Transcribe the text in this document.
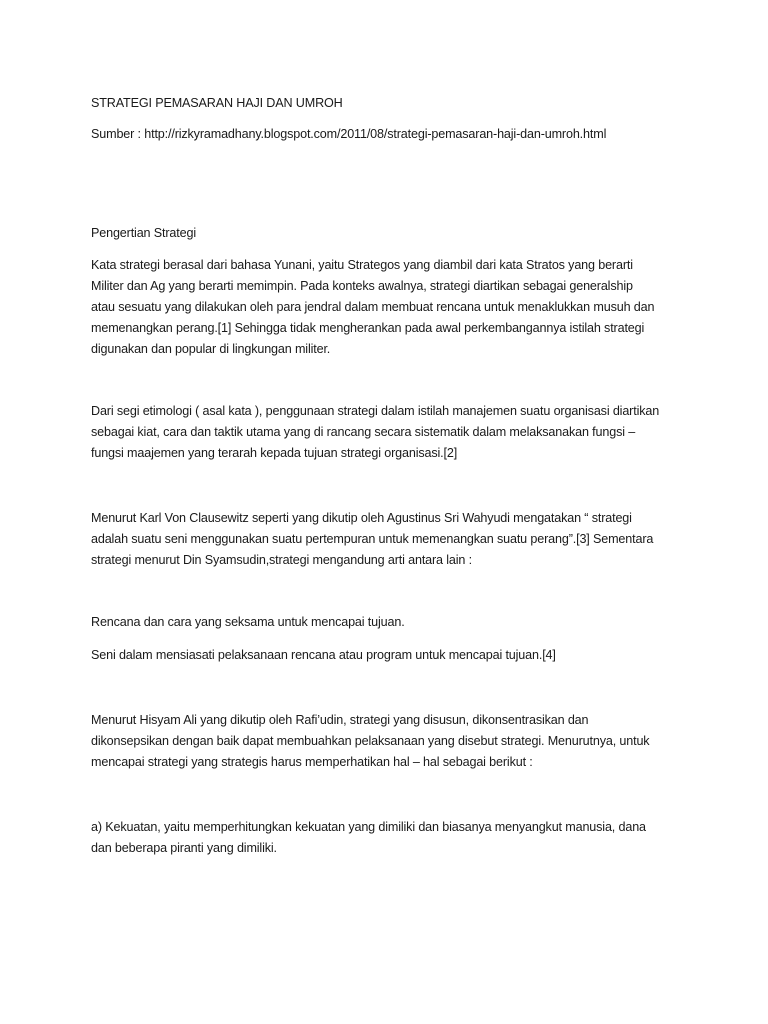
STRATEGI PEMASARAN HAJI DAN UMROH

Sumber : http://rizkyramadhany.blogspot.com/2011/08/strategi-pemasaran-haji-dan-umroh.html

Pengertian Strategi

Kata strategi berasal dari bahasa Yunani, yaitu Strategos yang diambil dari kata Stratos yang berarti
Militer dan Ag yang berarti memimpin. Pada konteks awalnya, strategi diartikan sebagai generalship
atau sesuatu yang dilakukan oleh para jendral dalam membuat rencana untuk menaklukkan musuh dan
memenangkan perang.[1] Sehingga tidak mengherankan pada awal perkembangannya istilah strategi
digunakan dan popular di lingkungan militer.

Dari segi etimologi ( asal kata ), penggunaan strategi dalam istilah manajemen suatu organisasi diartikan
sebagai kiat, cara dan taktik utama yang di rancang secara sistematik dalam melaksanakan fungsi –
fungsi maajemen yang terarah kepada tujuan strategi organisasi.[2]

Menurut Karl Von Clausewitz seperti yang dikutip oleh Agustinus Sri Wahyudi mengatakan “ strategi
adalah suatu seni menggunakan suatu pertempuran untuk memenangkan suatu perang”.[3] Sementara
strategi menurut Din Syamsudin,strategi mengandung arti antara lain :

Rencana dan cara yang seksama untuk mencapai tujuan.

Seni dalam mensiasati pelaksanaan rencana atau program untuk mencapai tujuan.[4]

Menurut Hisyam Ali yang dikutip oleh Rafi’udin, strategi yang disusun, dikonsentrasikan dan
dikonsepsikan dengan baik dapat membuahkan pelaksanaan yang disebut strategi. Menurutnya, untuk
mencapai strategi yang strategis harus memperhatikan hal – hal sebagai berikut :

a) Kekuatan, yaitu memperhitungkan kekuatan yang dimiliki dan biasanya menyangkut manusia, dana
dan beberapa piranti yang dimiliki.
